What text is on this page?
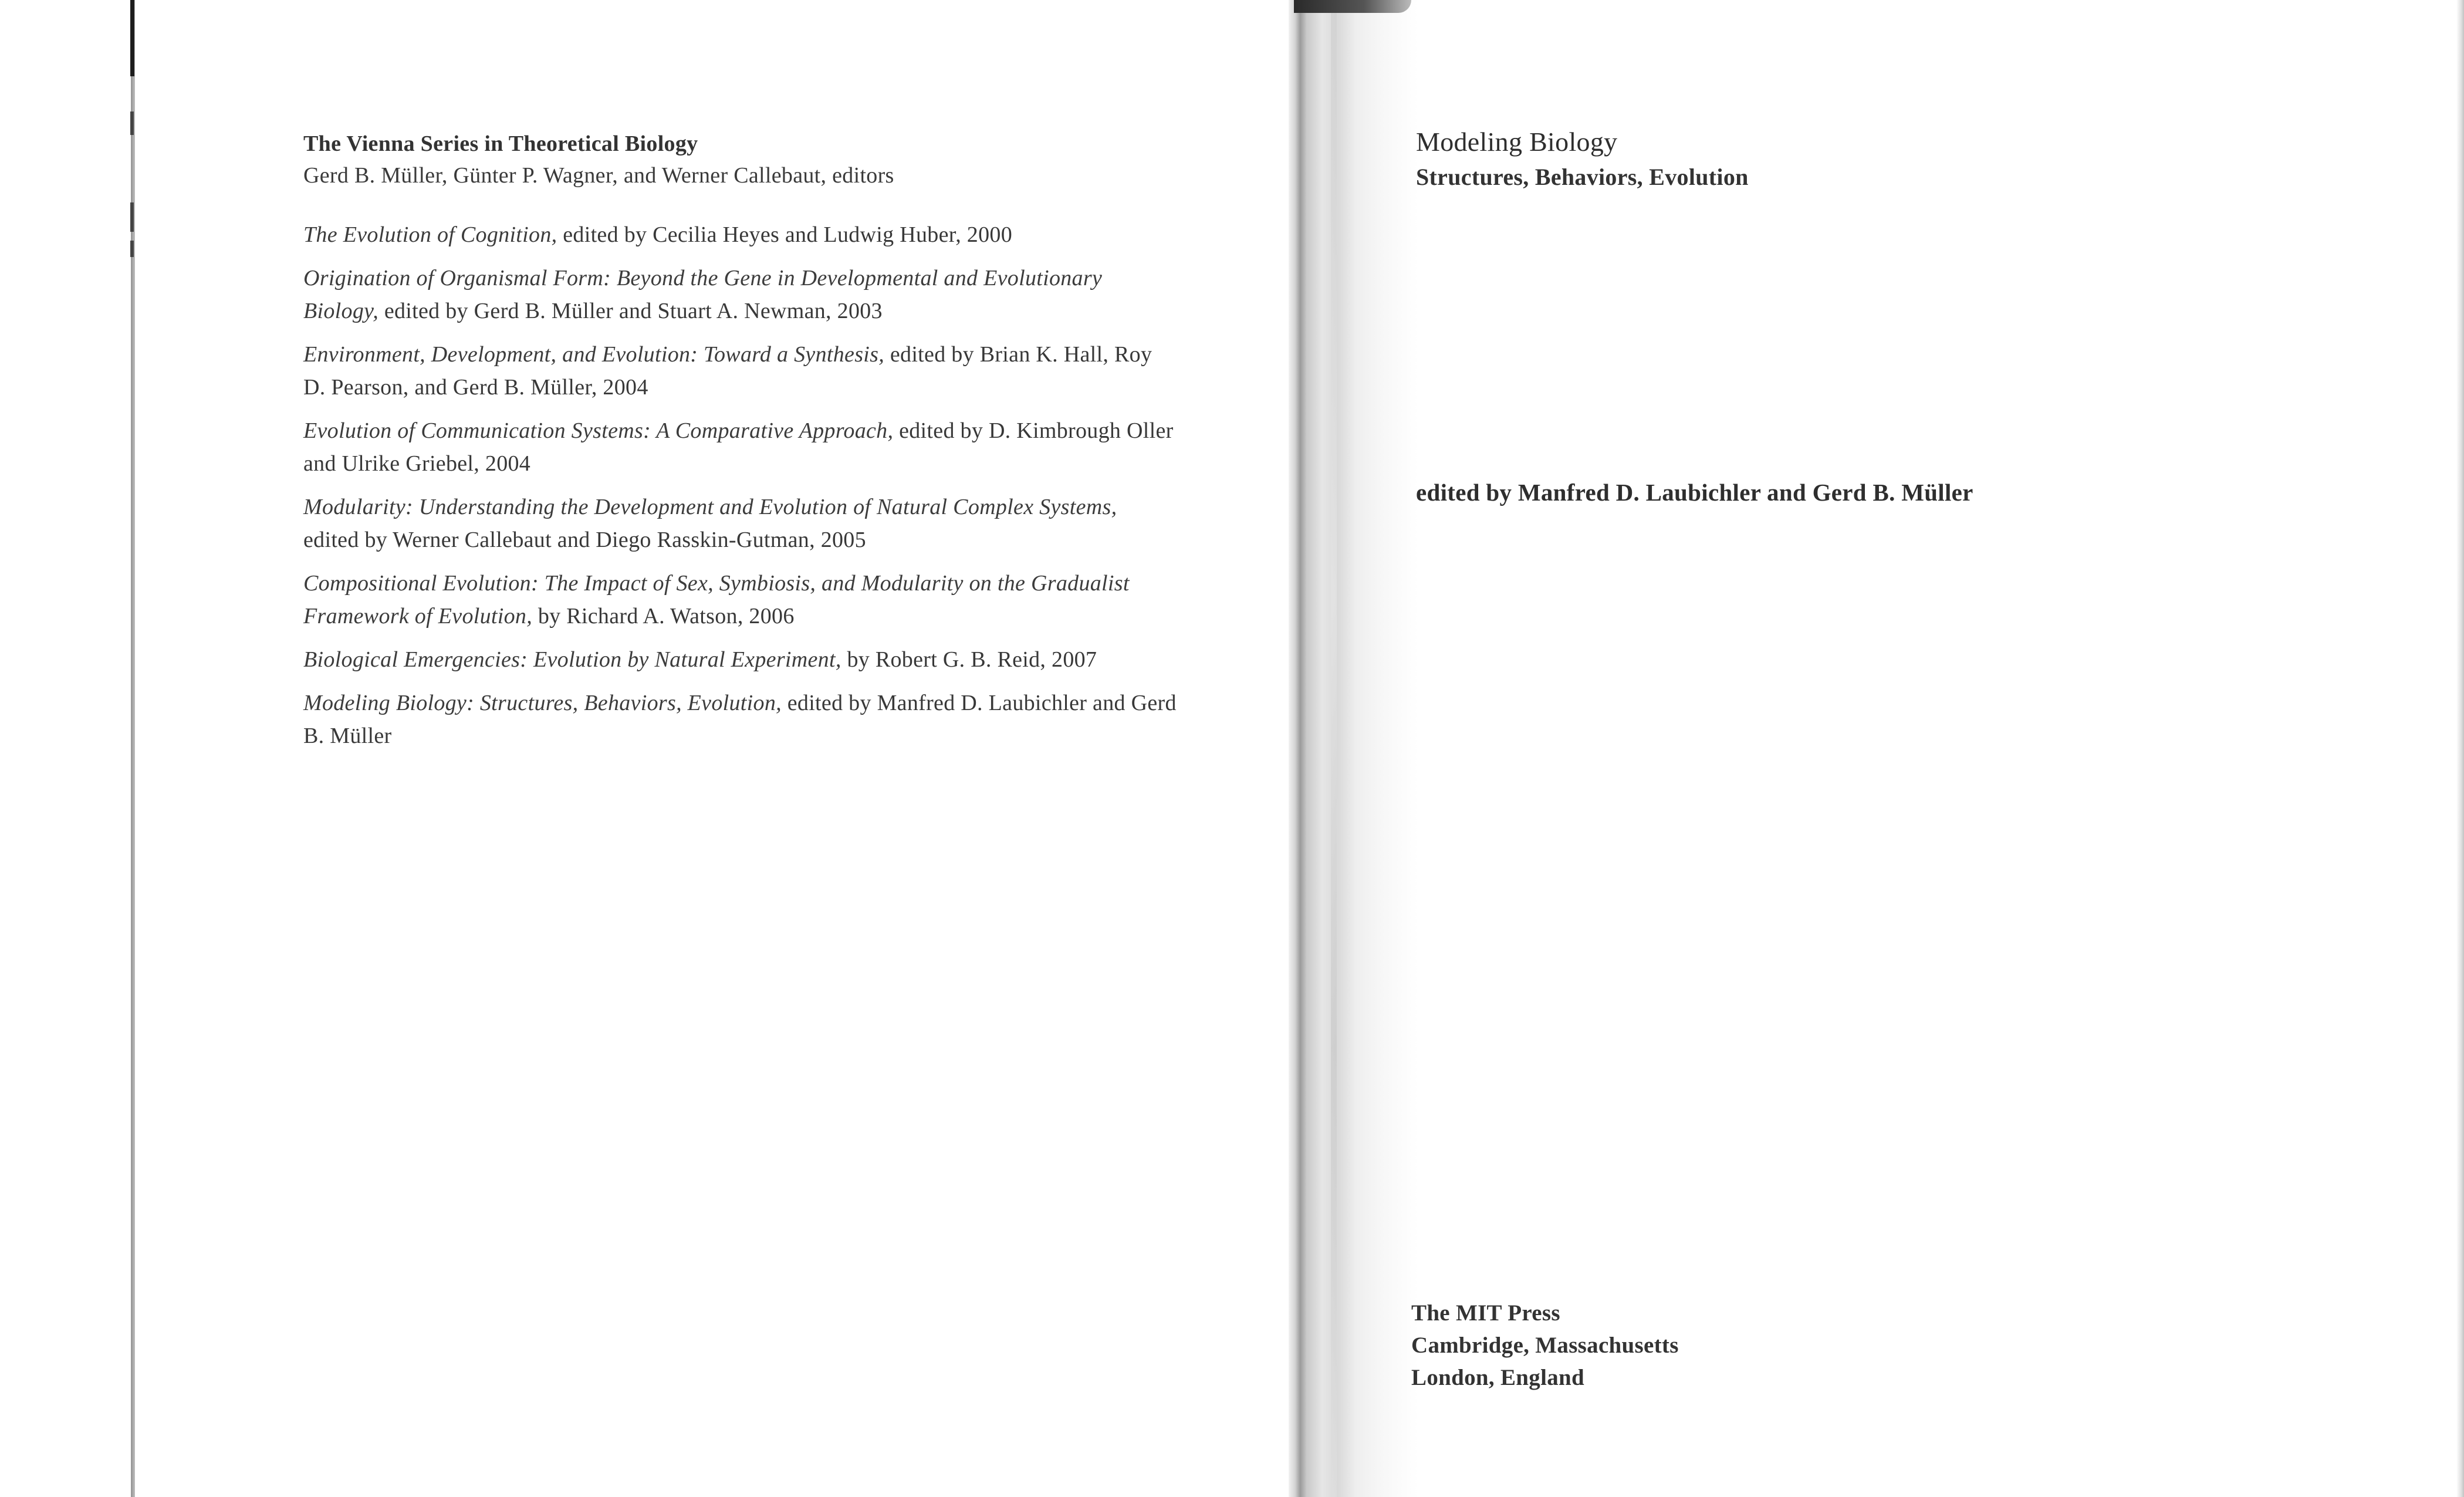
The Vienna Series in Theoretical Biology
Gerd B. Müller, Günter P. Wagner, and Werner Callebaut, editors
The Evolution of Cognition, edited by Cecilia Heyes and Ludwig Huber, 2000
Origination of Organismal Form: Beyond the Gene in Developmental and Evolutionary Biology, edited by Gerd B. Müller and Stuart A. Newman, 2003
Environment, Development, and Evolution: Toward a Synthesis, edited by Brian K. Hall, Roy D. Pearson, and Gerd B. Müller, 2004
Evolution of Communication Systems: A Comparative Approach, edited by D. Kimbrough Oller and Ulrike Griebel, 2004
Modularity: Understanding the Development and Evolution of Natural Complex Systems, edited by Werner Callebaut and Diego Rasskin-Gutman, 2005
Compositional Evolution: The Impact of Sex, Symbiosis, and Modularity on the Gradualist Framework of Evolution, by Richard A. Watson, 2006
Biological Emergencies: Evolution by Natural Experiment, by Robert G. B. Reid, 2007
Modeling Biology: Structures, Behaviors, Evolution, edited by Manfred D. Laubichler and Gerd B. Müller
Modeling Biology
Structures, Behaviors, Evolution
edited by Manfred D. Laubichler and Gerd B. Müller
The MIT Press
Cambridge, Massachusetts
London, England
